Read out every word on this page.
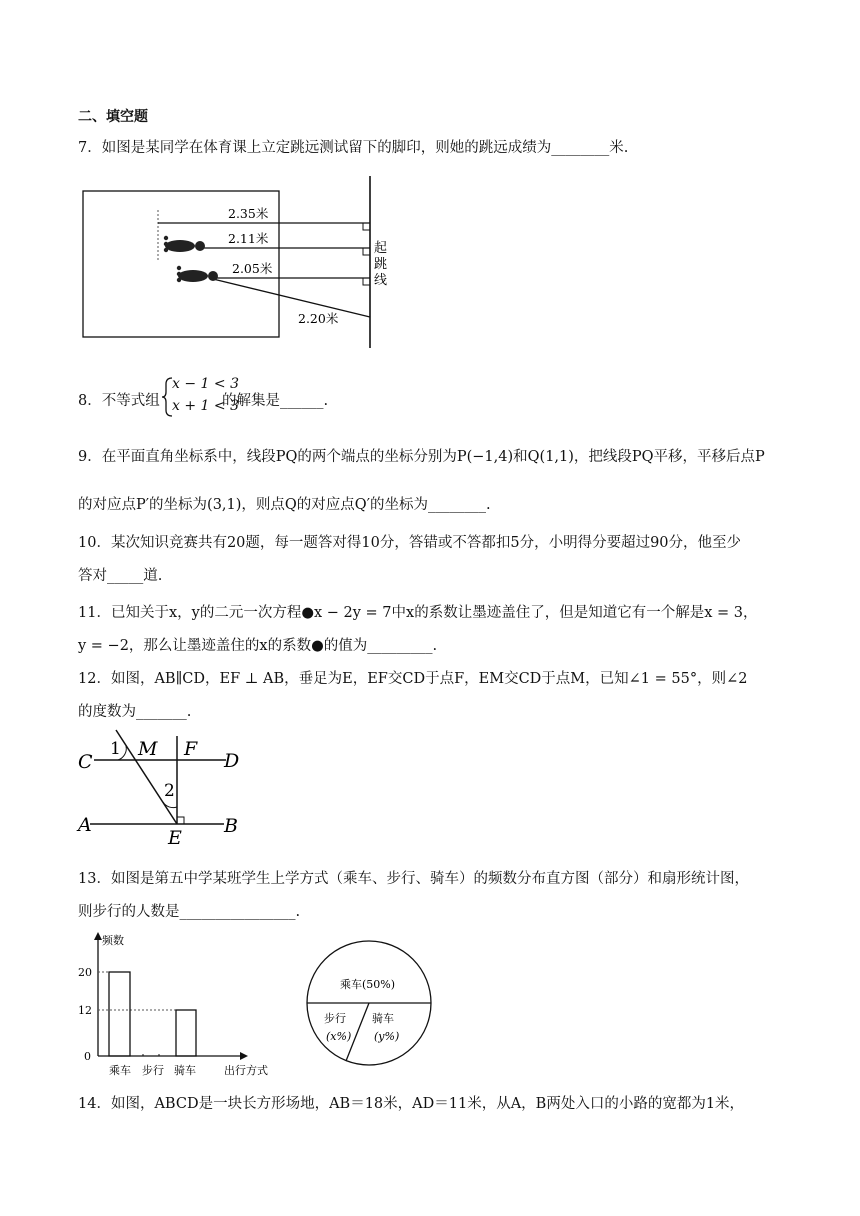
二、填空题
7．如图是某同学在体育课上立定跳远测试留下的脚印，则她的跳远成绩为________米.
2.35米
2.11米
2.05米
2.20米
起
跳
线
8．不等式组
x − 1 < 3
x + 1 < 3
的解集是______.
9．在平面直角坐标系中，线段PQ的两个端点的坐标分别为P(−1,4)和Q(1,1)，把线段PQ平移，平移后点P
的对应点P′的坐标为(3,1)，则点Q的对应点Q′的坐标为________.
10．某次知识竞赛共有20题，每一题答对得10分，答错或不答都扣5分，小明得分要超过90分，他至少
答对_____道.
11．已知关于x，y的二元一次方程●x − 2y = 7中x的系数让墨迹盖住了，但是知道它有一个解是x = 3，
y = −2，那么让墨迹盖住的x的系数●的值为_________.
12．如图，AB∥CD，EF ⊥ AB，垂足为E，EF交CD于点F，EM交CD于点M，已知∠1 = 55°，则∠2
的度数为_______.
C
M F
D
A
E
B
1
2
13．如图是第五中学某班学生上学方式（乘车、步行、骑车）的频数分布直方图（部分）和扇形统计图，
则步行的人数是________________.
频数
20
12
0
乘车 步行 骑车	出行方式
乘车(50%)
步行
(x%)
骑车
(y%)
14．如图，ABCD是一块长方形场地，AB＝18米，AD＝11米，从A，B两处入口的小路的宽都为1米，
